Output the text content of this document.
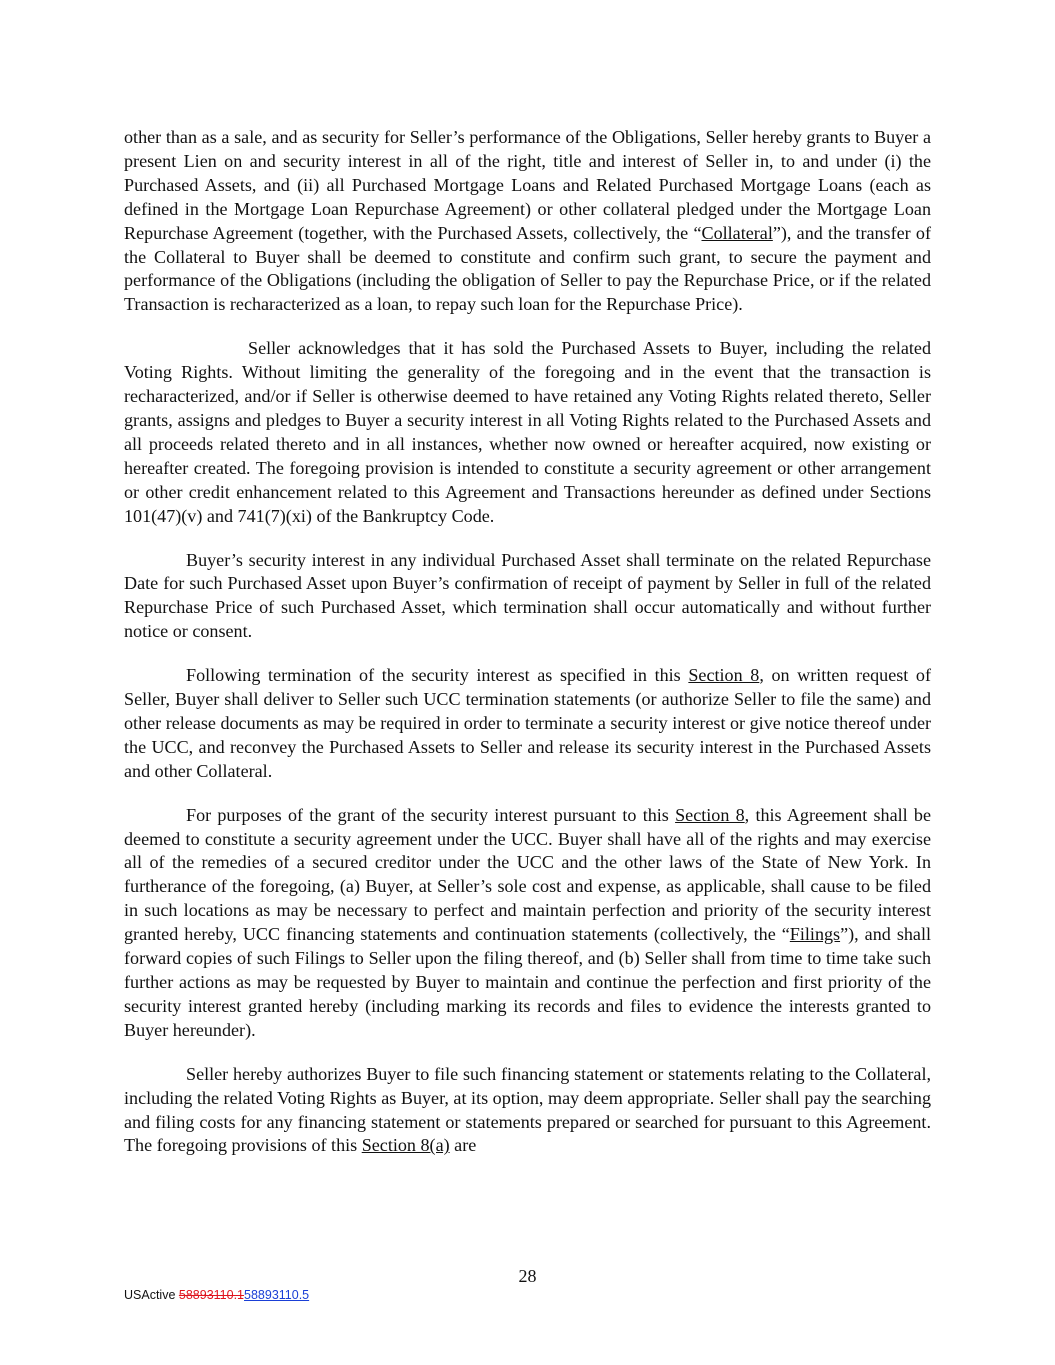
other than as a sale, and as security for Seller’s performance of the Obligations, Seller hereby grants to Buyer a present Lien on and security interest in all of the right, title and interest of Seller in, to and under (i) the Purchased Assets, and (ii) all Purchased Mortgage Loans and Related Purchased Mortgage Loans (each as defined in the Mortgage Loan Repurchase Agreement) or other collateral pledged under the Mortgage Loan Repurchase Agreement (together, with the Purchased Assets, collectively, the “Collateral”), and the transfer of the Collateral to Buyer shall be deemed to constitute and confirm such grant, to secure the payment and performance of the Obligations (including the obligation of Seller to pay the Repurchase Price, or if the related Transaction is recharacterized as a loan, to repay such loan for the Repurchase Price).

Seller acknowledges that it has sold the Purchased Assets to Buyer, including the related Voting Rights. Without limiting the generality of the foregoing and in the event that the transaction is recharacterized, and/or if Seller is otherwise deemed to have retained any Voting Rights related thereto, Seller grants, assigns and pledges to Buyer a security interest in all Voting Rights related to the Purchased Assets and all proceeds related thereto and in all instances, whether now owned or hereafter acquired, now existing or hereafter created. The foregoing provision is intended to constitute a security agreement or other arrangement or other credit enhancement related to this Agreement and Transactions hereunder as defined under Sections 101(47)(v) and 741(7)(xi) of the Bankruptcy Code.

Buyer’s security interest in any individual Purchased Asset shall terminate on the related Repurchase Date for such Purchased Asset upon Buyer’s confirmation of receipt of payment by Seller in full of the related Repurchase Price of such Purchased Asset, which termination shall occur automatically and without further notice or consent.

Following termination of the security interest as specified in this Section 8, on written request of Seller, Buyer shall deliver to Seller such UCC termination statements (or authorize Seller to file the same) and other release documents as may be required in order to terminate a security interest or give notice thereof under the UCC, and reconvey the Purchased Assets to Seller and release its security interest in the Purchased Assets and other Collateral.

For purposes of the grant of the security interest pursuant to this Section 8, this Agreement shall be deemed to constitute a security agreement under the UCC. Buyer shall have all of the rights and may exercise all of the remedies of a secured creditor under the UCC and the other laws of the State of New York. In furtherance of the foregoing, (a) Buyer, at Seller’s sole cost and expense, as applicable, shall cause to be filed in such locations as may be necessary to perfect and maintain perfection and priority of the security interest granted hereby, UCC financing statements and continuation statements (collectively, the “Filings”), and shall forward copies of such Filings to Seller upon the filing thereof, and (b) Seller shall from time to time take such further actions as may be requested by Buyer to maintain and continue the perfection and first priority of the security interest granted hereby (including marking its records and files to evidence the interests granted to Buyer hereunder).

Seller hereby authorizes Buyer to file such financing statement or statements relating to the Collateral, including the related Voting Rights as Buyer, at its option, may deem appropriate. Seller shall pay the searching and filing costs for any financing statement or statements prepared or searched for pursuant to this Agreement. The foregoing provisions of this Section 8(a) are

28
USActive 58893110.158893110.5
